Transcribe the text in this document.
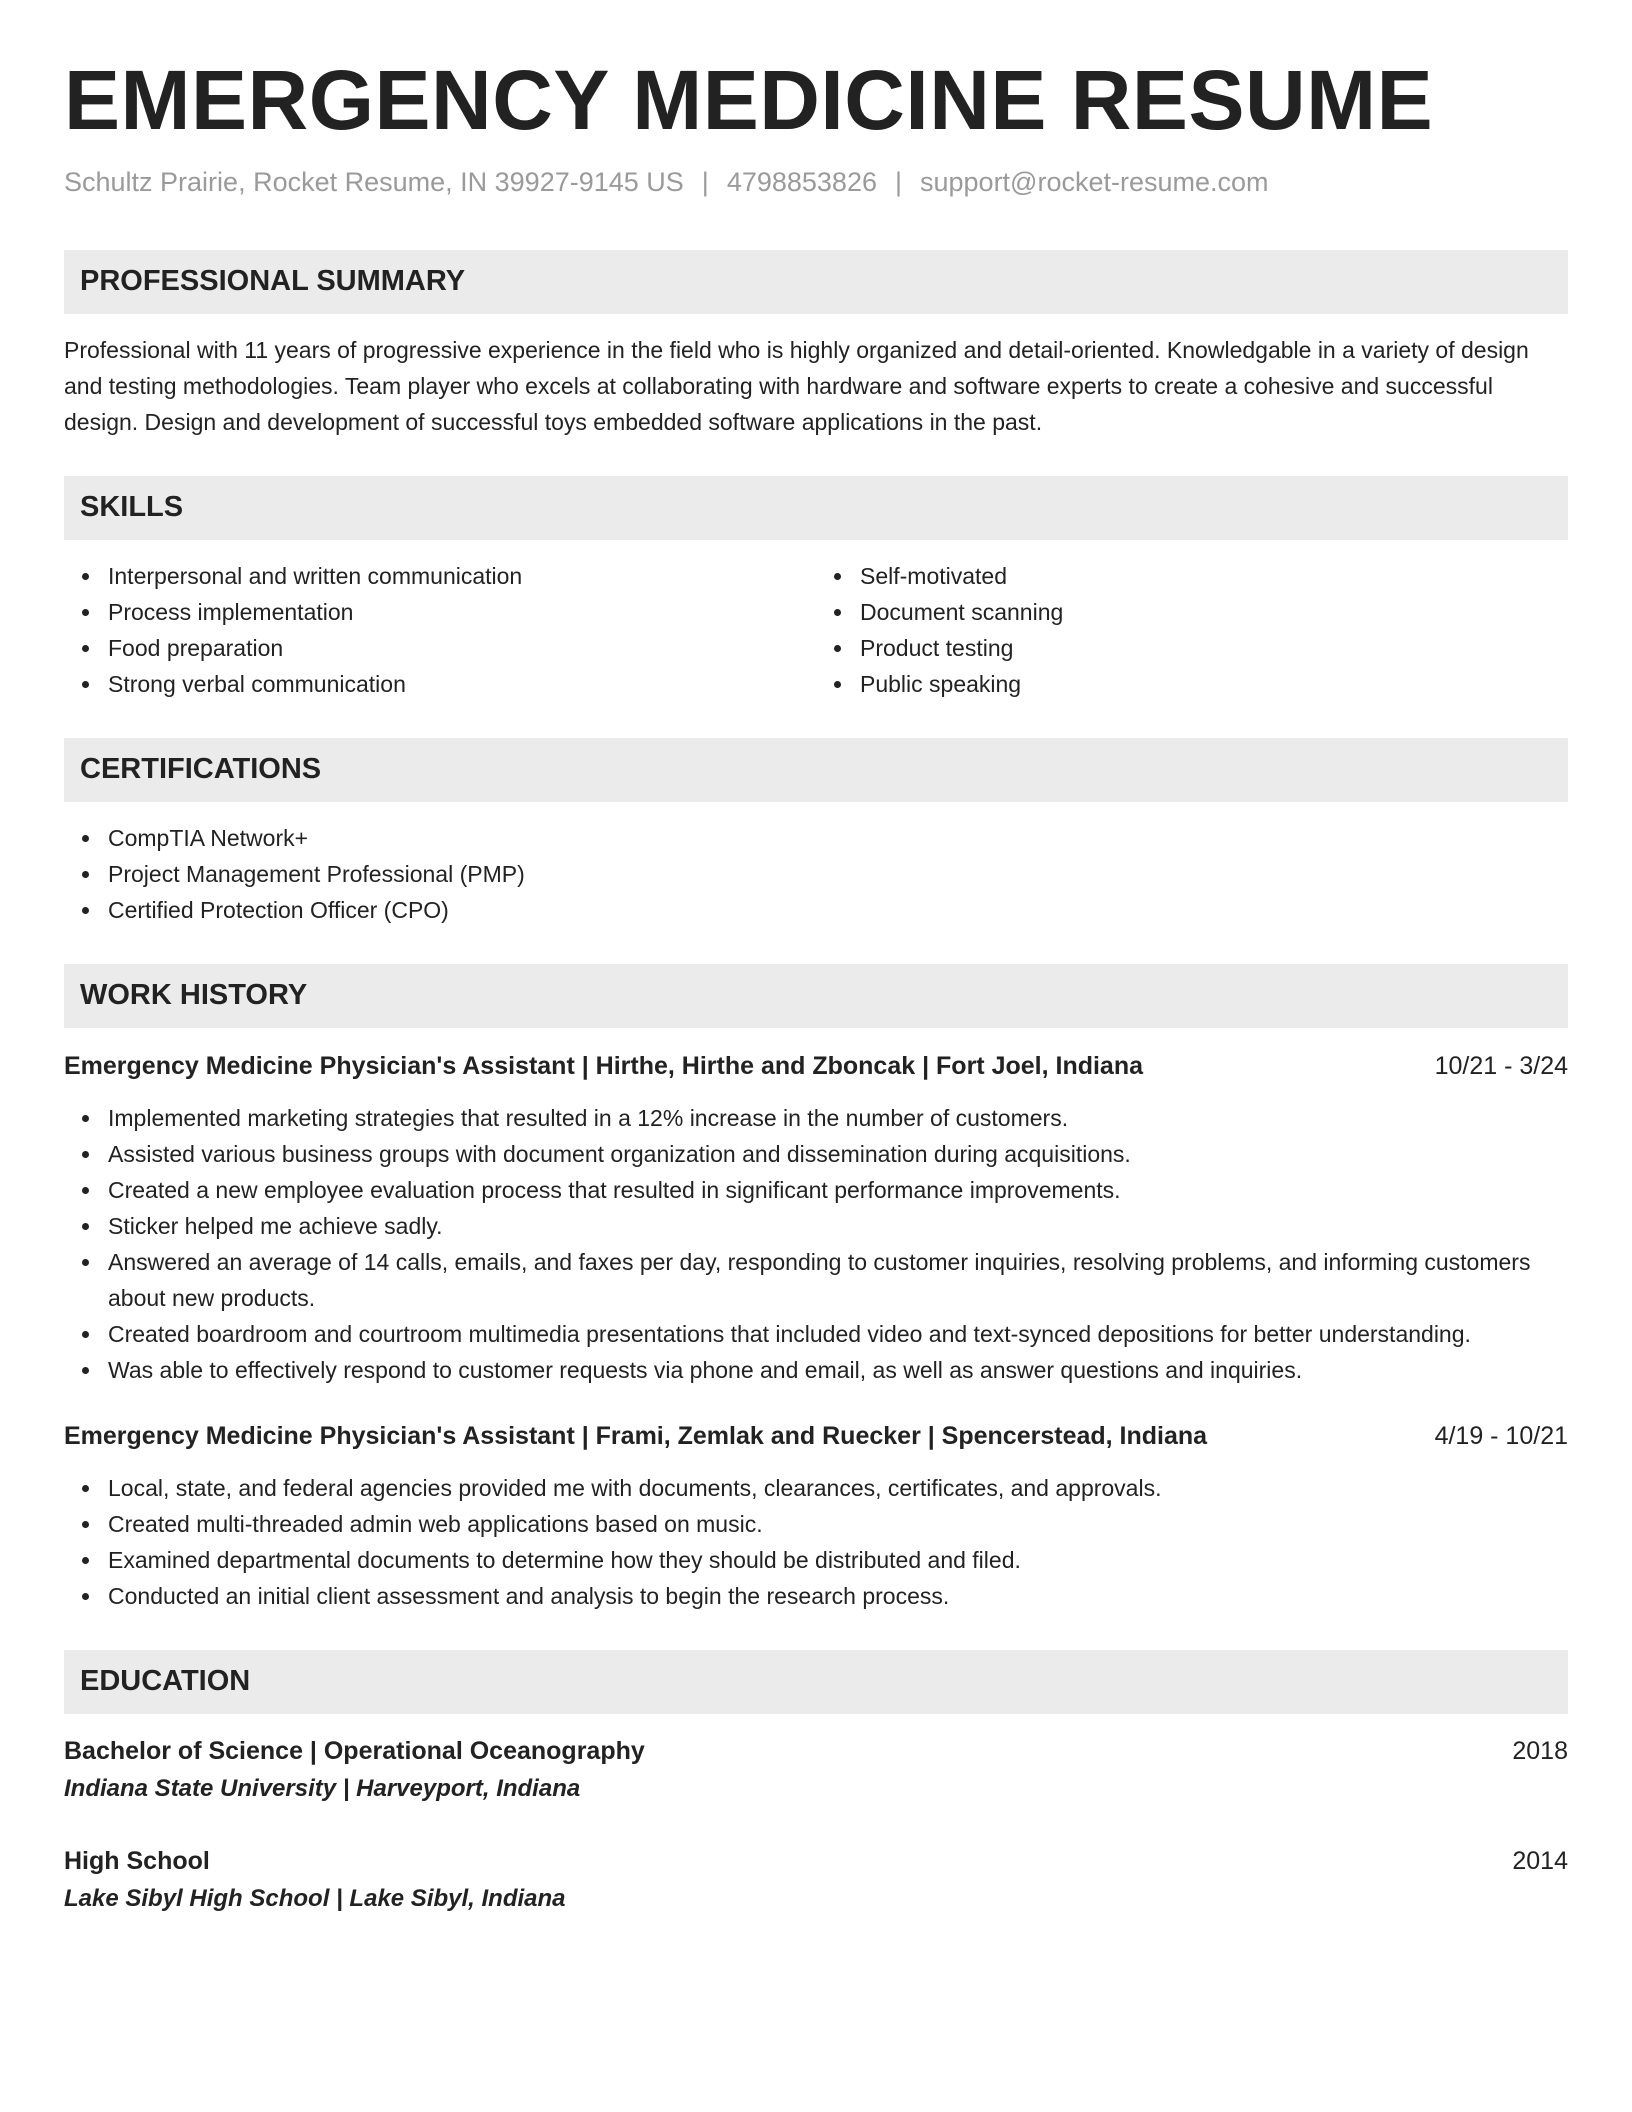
EMERGENCY MEDICINE RESUME
Schultz Prairie, Rocket Resume, IN 39927-9145 US | 4798853826 | support@rocket-resume.com
PROFESSIONAL SUMMARY

Professional with 11 years of progressive experience in the field who is highly organized and detail-oriented. Knowledgable in a variety of design and testing methodologies. Team player who excels at collaborating with hardware and software experts to create a cohesive and successful design. Design and development of successful toys embedded software applications in the past.

SKILLS
Interpersonal and written communication
Process implementation
Food preparation
Strong verbal communication
Self-motivated
Document scanning
Product testing
Public speaking
CERTIFICATIONS
CompTIA Network+
Project Management Professional (PMP)
Certified Protection Officer (CPO)
WORK HISTORY
Emergency Medicine Physician's Assistant | Hirthe, Hirthe and Zboncak | Fort Joel, Indiana	10/21 - 3/24
Implemented marketing strategies that resulted in a 12% increase in the number of customers.
Assisted various business groups with document organization and dissemination during acquisitions.
Created a new employee evaluation process that resulted in significant performance improvements.
Sticker helped me achieve sadly.
Answered an average of 14 calls, emails, and faxes per day, responding to customer inquiries, resolving problems, and informing customers about new products.
Created boardroom and courtroom multimedia presentations that included video and text-synced depositions for better understanding.
Was able to effectively respond to customer requests via phone and email, as well as answer questions and inquiries.
Emergency Medicine Physician's Assistant | Frami, Zemlak and Ruecker | Spencerstead, Indiana	4/19 - 10/21
Local, state, and federal agencies provided me with documents, clearances, certificates, and approvals.
Created multi-threaded admin web applications based on music.
Examined departmental documents to determine how they should be distributed and filed.
Conducted an initial client assessment and analysis to begin the research process.
EDUCATION
Bachelor of Science | Operational Oceanography	2018
Indiana State University | Harveyport, Indiana
High School	2014
Lake Sibyl High School | Lake Sibyl, Indiana
